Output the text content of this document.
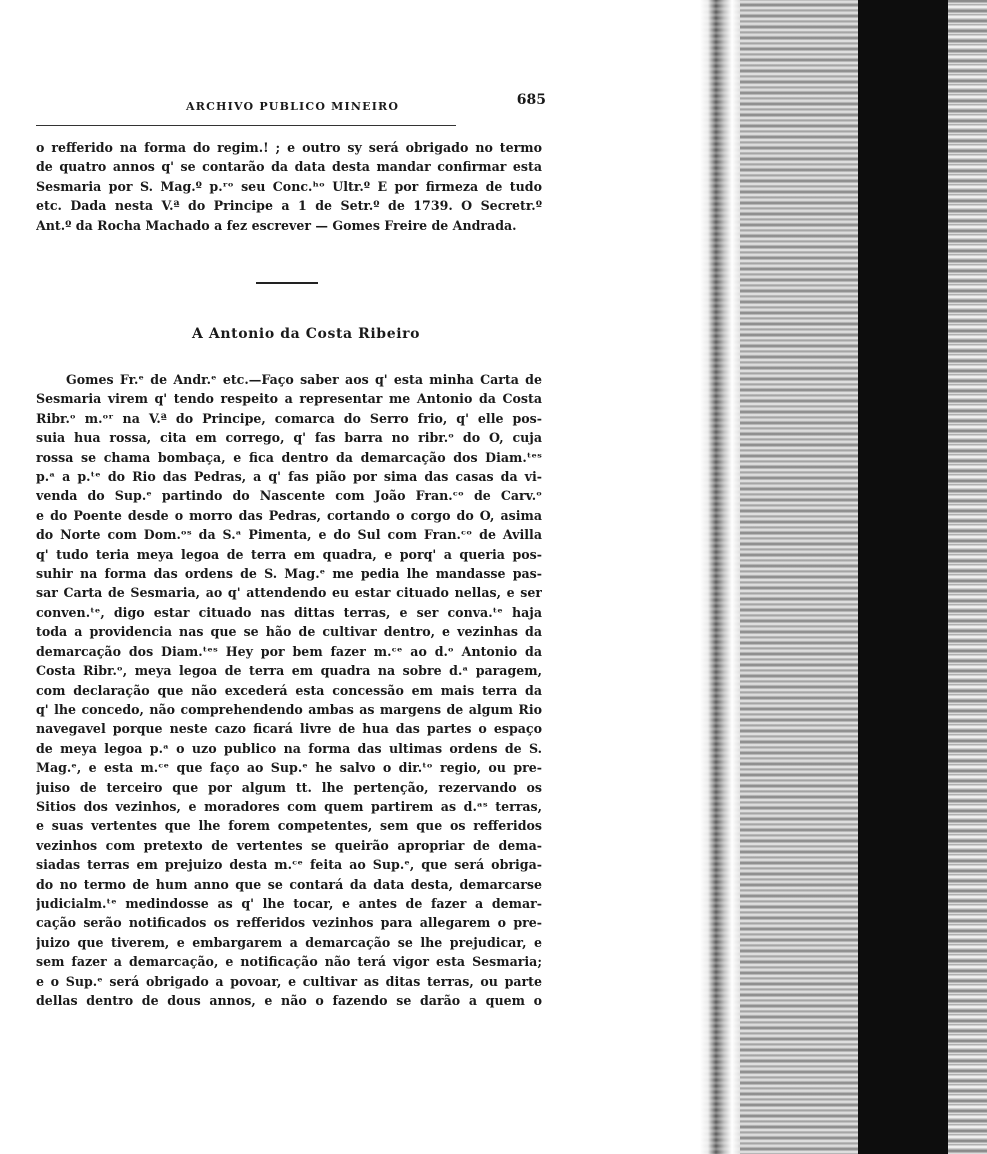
ARCHIVO PUBLICO MINEIRO	685

o refferido na forma do regim.! ; e outro sy será obrigado no termo

de quatro annos q' se contarão da data desta mandar confirmar esta

Sesmaria por S. Mag.º p.ʳᵒ seu Conc.ʰᵒ Ultr.º E por firmeza de tudo

etc. Dada nesta V.ª do Principe a 1 de Setr.º de 1739. O Secretr.º

Ant.º da Rocha Machado a fez escrever — Gomes Freire de Andrada.

A Antonio da Costa Ribeiro

Gomes Fr.ᵉ de Andr.ᵉ etc.—Faço saber aos q' esta minha Carta de

Sesmaria virem q' tendo respeito a representar me Antonio da Costa

Ribr.ᵒ m.ᵒʳ na V.ª do Principe, comarca do Serro frio, q' elle pos-

suia hua rossa, cita em corrego, q' fas barra no ribr.ᵒ do O, cuja

rossa se chama bombaça, e fica dentro da demarcação dos Diam.ᵗᵉˢ

p.ᵃ a p.ᵗᵉ do Rio das Pedras, a q' fas pião por sima das casas da vi-

venda do Sup.ᵉ partindo do Nascente com João Fran.ᶜᵒ de Carv.ᵒ

e do Poente desde o morro das Pedras, cortando o corgo do O, asima

do Norte com Dom.ᵒˢ da S.ᵃ Pimenta, e do Sul com Fran.ᶜᵒ de Avilla

q' tudo teria meya legoa de terra em quadra, e porq' a queria pos-

suhir na forma das ordens de S. Mag.ᵉ me pedia lhe mandasse pas-

sar Carta de Sesmaria, ao q' attendendo eu estar cituado nellas, e ser

conven.ᵗᵉ, digo estar cituado nas dittas terras, e ser conva.ᵗᵉ haja

toda a providencia nas que se hão de cultivar dentro, e vezinhas da

demarcação dos Diam.ᵗᵉˢ Hey por bem fazer m.ᶜᵉ ao d.ᵒ Antonio da

Costa Ribr.ᵒ, meya legoa de terra em quadra na sobre d.ᵃ paragem,

com declaração que não excederá esta concessão em mais terra da

q' lhe concedo, não comprehendendo ambas as margens de algum Rio

navegavel porque neste cazo ficará livre de hua das partes o espaço

de meya legoa p.ᵃ o uzo publico na forma das ultimas ordens de S.

Mag.ᵉ, e esta m.ᶜᵉ que faço ao Sup.ᵉ he salvo o dir.ᵗᵒ regio, ou pre-

juiso de terceiro que por algum tt. lhe pertenção, rezervando os

Sitios dos vezinhos, e moradores com quem partirem as d.ᵃˢ terras,

e suas vertentes que lhe forem competentes, sem que os refferidos

vezinhos com pretexto de vertentes se queirão apropriar de dema-

siadas terras em prejuizo desta m.ᶜᵉ feita ao Sup.ᵉ, que será obriga-

do no termo de hum anno que se contará da data desta, demarcarse

judicialm.ᵗᵉ medindosse as q' lhe tocar, e antes de fazer a demar-

cação serão notificados os refferidos vezinhos para allegarem o pre-

juizo que tiverem, e embargarem a demarcação se lhe prejudicar, e

sem fazer a demarcação, e notificação não terá vigor esta Sesmaria;

e o Sup.ᵉ será obrigado a povoar, e cultivar as ditas terras, ou parte

dellas dentro de dous annos, e não o fazendo se darão a quem o
